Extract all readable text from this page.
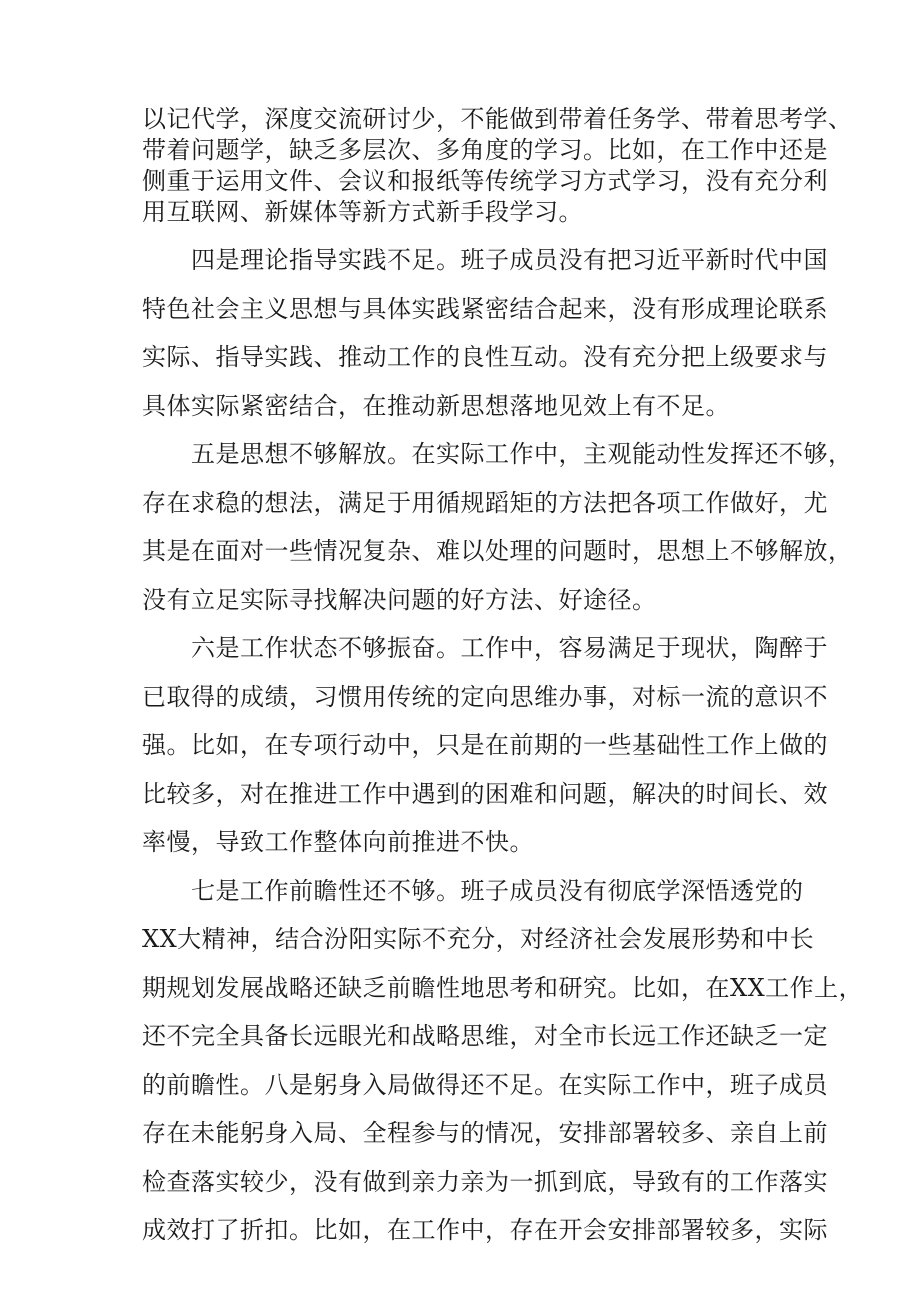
以记代学，深度交流研讨少，不能做到带着任务学、带着思考学、
带着问题学，缺乏多层次、多角度的学习。比如，在工作中还是
侧重于运用文件、会议和报纸等传统学习方式学习，没有充分利
用互联网、新媒体等新方式新手段学习。
　　四是理论指导实践不足。班子成员没有把习近平新时代中国
特色社会主义思想与具体实践紧密结合起来，没有形成理论联系
实际、指导实践、推动工作的良性互动。没有充分把上级要求与
具体实际紧密结合，在推动新思想落地见效上有不足。
　　五是思想不够解放。在实际工作中，主观能动性发挥还不够，
存在求稳的想法，满足于用循规蹈矩的方法把各项工作做好，尤
其是在面对一些情况复杂、难以处理的问题时，思想上不够解放，
没有立足实际寻找解决问题的好方法、好途径。
　　六是工作状态不够振奋。工作中，容易满足于现状，陶醉于
已取得的成绩，习惯用传统的定向思维办事，对标一流的意识不
强。比如，在专项行动中，只是在前期的一些基础性工作上做的
比较多，对在推进工作中遇到的困难和问题，解决的时间长、效
率慢，导致工作整体向前推进不快。
　　七是工作前瞻性还不够。班子成员没有彻底学深悟透党的
XX大精神，结合汾阳实际不充分，对经济社会发展形势和中长
期规划发展战略还缺乏前瞻性地思考和研究。比如，在XX工作上，
还不完全具备长远眼光和战略思维，对全市长远工作还缺乏一定
的前瞻性。八是躬身入局做得还不足。在实际工作中，班子成员
存在未能躬身入局、全程参与的情况，安排部署较多、亲自上前
检查落实较少，没有做到亲力亲为一抓到底，导致有的工作落实
成效打了折扣。比如，在工作中，存在开会安排部署较多，实际
